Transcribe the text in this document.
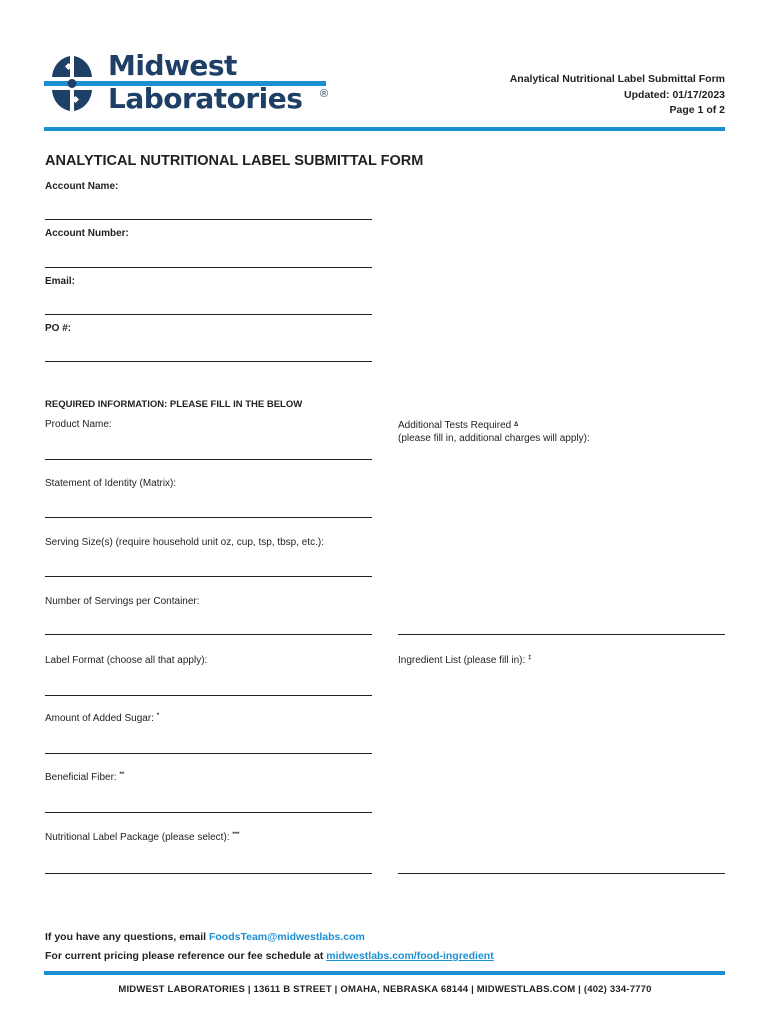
Midwest
Laboratories ®
Analytical Nutritional Label Submittal Form
Updated: 01/17/2023
Page 1 of 2
ANALYTICAL NUTRITIONAL LABEL SUBMITTAL FORM
Account Name:
Account Number:
Email:
PO #:
REQUIRED INFORMATION: PLEASE FILL IN THE BELOW
Product Name:
Statement of Identity (Matrix):
Serving Size(s) (require household unit oz, cup, tsp, tbsp, etc.):
Number of Servings per Container:
Label Format (choose all that apply):
Amount of Added Sugar: *
Beneficial Fiber: **
Nutritional Label Package (please select): ***
Additional Tests Required $^\Delta$
(please fill in, additional charges will apply):
Ingredient List (please fill in): ‡
If you have any questions, email FoodsTeam@midwestlabs.com
For current pricing please reference our fee schedule at midwestlabs.com/food-ingredient
MIDWEST LABORATORIES | 13611 B STREET | OMAHA, NEBRASKA 68144 | MIDWESTLABS.COM | (402) 334-7770
